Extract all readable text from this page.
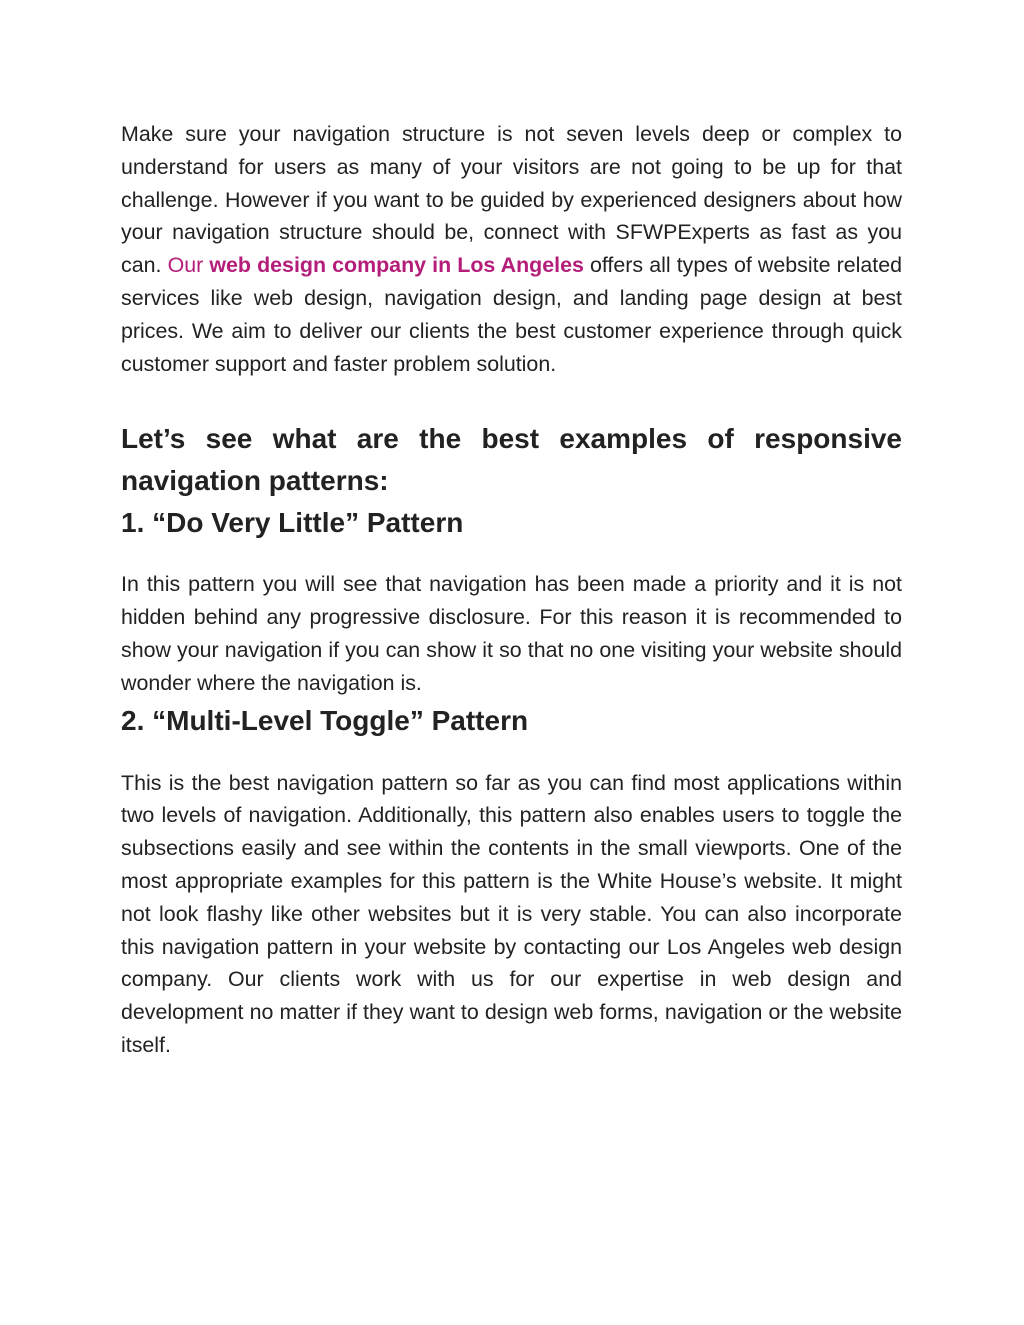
Make sure your navigation structure is not seven levels deep or complex to understand for users as many of your visitors are not going to be up for that challenge. However if you want to be guided by experienced designers about how your navigation structure should be, connect with SFWPExperts as fast as you can. Our web design company in Los Angeles offers all types of website related services like web design, navigation design, and landing page design at best prices. We aim to deliver our clients the best customer experience through quick customer support and faster problem solution.

Let’s see what are the best examples of responsive navigation patterns:
1. “Do Very Little” Pattern

In this pattern you will see that navigation has been made a priority and it is not hidden behind any progressive disclosure. For this reason it is recommended to show your navigation if you can show it so that no one visiting your website should wonder where the navigation is.

2. “Multi-Level Toggle” Pattern

This is the best navigation pattern so far as you can find most applications within two levels of navigation. Additionally, this pattern also enables users to toggle the subsections easily and see within the contents in the small viewports. One of the most appropriate examples for this pattern is the White House’s website. It might not look flashy like other websites but it is very stable. You can also incorporate this navigation pattern in your website by contacting our Los Angeles web design company. Our clients work with us for our expertise in web design and development no matter if they want to design web forms, navigation or the website itself.
